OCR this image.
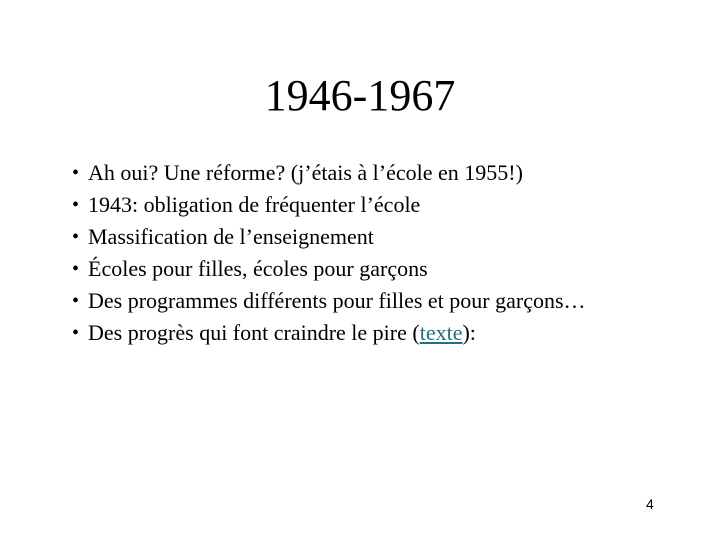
1946-1967
• Ah oui? Une réforme? (j’étais à l’école en 1955!)
• 1943: obligation de fréquenter l’école
• Massification de l’enseignement
• Écoles pour filles, écoles pour garçons
• Des programmes différents pour filles et pour garçons…
• Des progrès qui font craindre le pire (texte):
4
